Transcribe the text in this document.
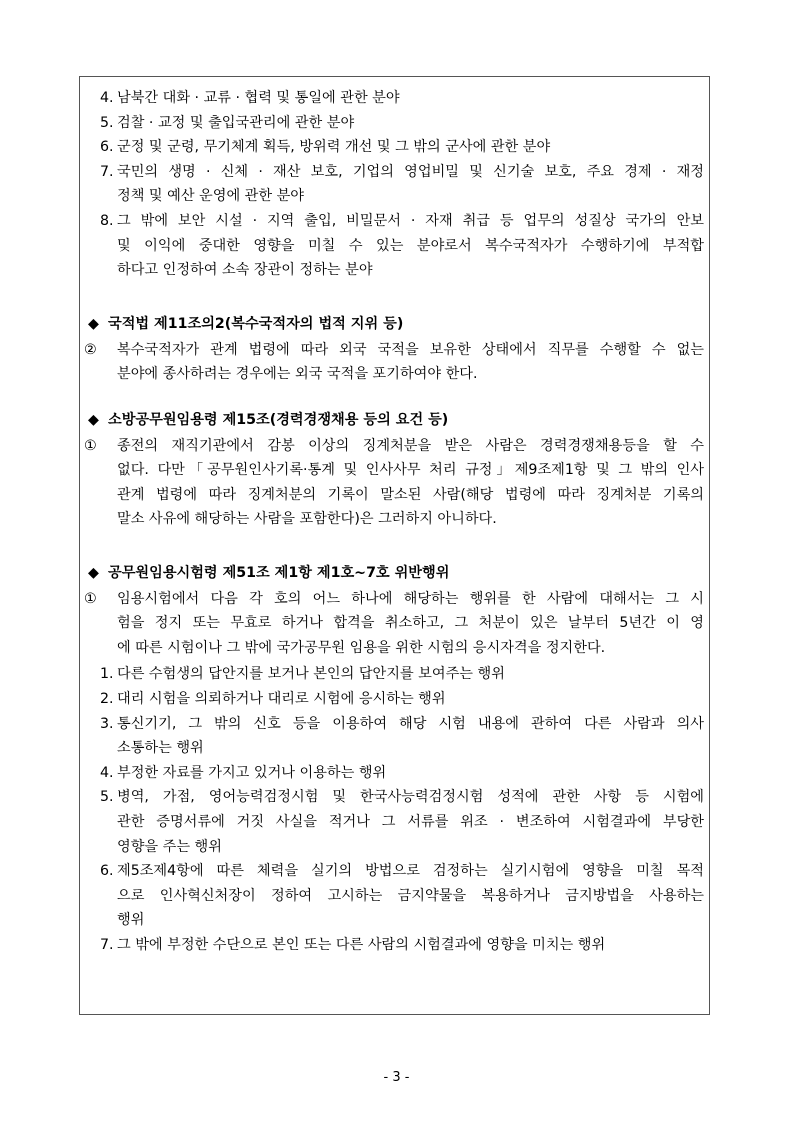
4. 남북간 대화 · 교류 · 협력 및 통일에 관한 분야
5. 검찰 · 교정 및 출입국관리에 관한 분야
6. 군정 및 군령, 무기체계 획득, 방위력 개선 및 그 밖의 군사에 관한 분야
7. 국민의 생명 · 신체 · 재산 보호, 기업의 영업비밀 및 신기술 보호, 주요 경제 · 재정
정책 및 예산 운영에 관한 분야
8. 그 밖에 보안 시설 · 지역 출입, 비밀문서 · 자재 취급 등 업무의 성질상 국가의 안보
및 이익에 중대한 영향을 미칠 수 있는 분야로서 복수국적자가 수행하기에 부적합
하다고 인정하여 소속 장관이 정하는 분야
◆ 국적법 제11조의2(복수국적자의 법적 지위 등)
② 복수국적자가 관계 법령에 따라 외국 국적을 보유한 상태에서 직무를 수행할 수 없는
분야에 종사하려는 경우에는 외국 국적을 포기하여야 한다.
◆ 소방공무원임용령 제15조(경력경쟁채용 등의 요건 등)
① 종전의 재직기관에서 감봉 이상의 징계처분을 받은 사람은 경력경쟁채용등을 할 수
없다. 다만「공무원인사기록·통계 및 인사사무 처리 규정」제9조제1항 및 그 밖의 인사
관계 법령에 따라 징계처분의 기록이 말소된 사람(해당 법령에 따라 징계처분 기록의
말소 사유에 해당하는 사람을 포함한다)은 그러하지 아니하다.
◆ 공무원임용시험령 제51조 제1항 제1호~7호 위반행위
① 임용시험에서 다음 각 호의 어느 하나에 해당하는 행위를 한 사람에 대해서는 그 시
험을 정지 또는 무효로 하거나 합격을 취소하고, 그 처분이 있은 날부터 5년간 이 영
에 따른 시험이나 그 밖에 국가공무원 임용을 위한 시험의 응시자격을 정지한다.
1. 다른 수험생의 답안지를 보거나 본인의 답안지를 보여주는 행위
2. 대리 시험을 의뢰하거나 대리로 시험에 응시하는 행위
3. 통신기기, 그 밖의 신호 등을 이용하여 해당 시험 내용에 관하여 다른 사람과 의사
소통하는 행위
4. 부정한 자료를 가지고 있거나 이용하는 행위
5. 병역, 가점, 영어능력검정시험 및 한국사능력검정시험 성적에 관한 사항 등 시험에
관한 증명서류에 거짓 사실을 적거나 그 서류를 위조 · 변조하여 시험결과에 부당한
영향을 주는 행위
6. 제5조제4항에 따른 체력을 실기의 방법으로 검정하는 실기시험에 영향을 미칠 목적
으로 인사혁신처장이 정하여 고시하는 금지약물을 복용하거나 금지방법을 사용하는
행위
7. 그 밖에 부정한 수단으로 본인 또는 다른 사람의 시험결과에 영향을 미치는 행위
- 3 -
